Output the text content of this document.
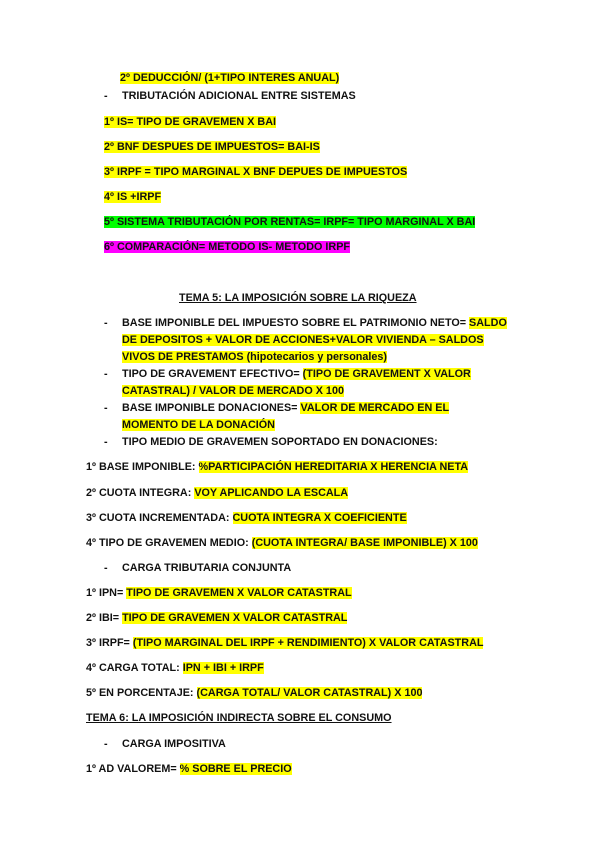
2º DEDUCCIÓN/ (1+TIPO INTERES ANUAL)
- TRIBUTACIÓN ADICIONAL ENTRE SISTEMAS
1º IS= TIPO DE GRAVEMEN X BAI
2º BNF DESPUES DE IMPUESTOS= BAI-IS
3º IRPF = TIPO MARGINAL X BNF DEPUES DE IMPUESTOS
4º IS +IRPF
5º SISTEMA TRIBUTACIÓN POR RENTAS= IRPF= TIPO MARGINAL X BAI
6º COMPARACIÓN= METODO IS- METODO IRPF
TEMA 5: LA IMPOSICIÓN SOBRE LA RIQUEZA
- BASE IMPONIBLE DEL IMPUESTO SOBRE EL PATRIMONIO NETO= SALDO
DE DEPOSITOS + VALOR DE ACCIONES+VALOR VIVIENDA – SALDOS
VIVOS DE PRESTAMOS (hipotecarios y personales)
- TIPO DE GRAVEMENT EFECTIVO= (TIPO DE GRAVEMENT X VALOR
CATASTRAL) / VALOR DE MERCADO X 100
- BASE IMPONIBLE DONACIONES= VALOR DE MERCADO EN EL
MOMENTO DE LA DONACIÓN
- TIPO MEDIO DE GRAVEMEN SOPORTADO EN DONACIONES:
1º BASE IMPONIBLE: %PARTICIPACIÓN HEREDITARIA X HERENCIA NETA
2º CUOTA INTEGRA: VOY APLICANDO LA ESCALA
3º CUOTA INCREMENTADA: CUOTA INTEGRA X COEFICIENTE
4º TIPO DE GRAVEMEN MEDIO: (CUOTA INTEGRA/ BASE IMPONIBLE) X 100
- CARGA TRIBUTARIA CONJUNTA
1º IPN= TIPO DE GRAVEMEN X VALOR CATASTRAL
2º IBI= TIPO DE GRAVEMEN X VALOR CATASTRAL
3º IRPF= (TIPO MARGINAL DEL IRPF + RENDIMIENTO) X VALOR CATASTRAL
4º CARGA TOTAL: IPN + IBI + IRPF
5º EN PORCENTAJE: (CARGA TOTAL/ VALOR CATASTRAL) X 100
TEMA 6: LA IMPOSICIÓN INDIRECTA SOBRE EL CONSUMO
- CARGA IMPOSITIVA
1º AD VALOREM= % SOBRE EL PRECIO
